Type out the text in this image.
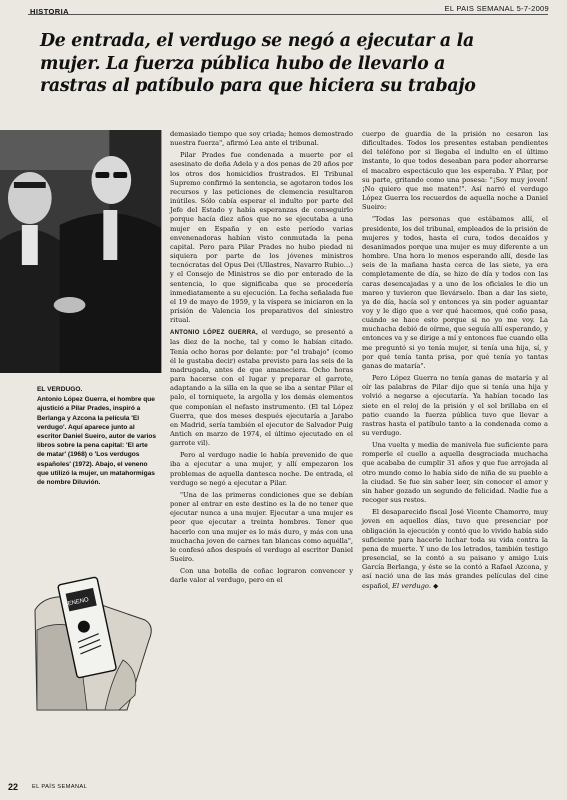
HISTORIA	EL PAIS SEMANAL 5-7-2009
De entrada, el verdugo se negó a ejecutar a la
mujer. La fuerza pública hubo de llevarlo a
rastras al patíbulo para que hiciera su trabajo
EL VERDUGO.
Antonio López Guerra, el hombre que ajustició a Pilar Prades, inspiró a Berlanga y Azcona la película 'El verdugo'. Aquí aparece junto al escritor Daniel Sueiro, autor de varios libros sobre la pena capital: 'El arte de matar' (1968) o 'Los verdugos españoles' (1972). Abajo, el veneno que utilizó la mujer, un matahormigas de nombre Diluvión.
VENENO

demasiado tiempo que soy criada; hemos demostrado nuestra fuerza", afirmó Lea ante el tribunal.

Pilar Prades fue condenada a muerte por el asesinato de doña Adela y a dos penas de 20 años por los otros dos homicidios frustrados. El Tribunal Supremo confirmó la sentencia, se agotaron todos los recursos y las peticiones de clemencia resultaron inútiles. Sólo cabía esperar el indulto por parte del Jefe del Estado y había esperanzas de conseguirlo porque hacía diez años que no se ejecutaba a una mujer en España y en este período varias envenenadoras habían visto conmutada la pena capital. Pero para Pilar Prades no hubo piedad ni siquiera por parte de los jóvenes ministros tecnócratas del Opus Dei (Ullastres, Navarro Rubio…) y el Consejo de Ministros se dio por enterado de la sentencia, lo que significaba que se procedería inmediatamente a su ejecución. La fecha señalada fue el 19 de mayo de 1959, y la víspera se iniciaron en la prisión de Valencia los preparativos del siniestro ritual.

ANTONIO LÓPEZ GUERRA, el verdugo, se presentó a las diez de la noche, tal y como le habían citado. Tenía ocho horas por delante: por "el trabajo" (como él le gustaba decir) estaba previsto para las seis de la madrugada, antes de que amaneciera. Ocho horas para hacerse con el lugar y preparar el garrote, adaptando a la silla en la que se iba a sentar Pilar el palo, el torniquete, la argolla y los demás elementos que componían el nefasto instrumento. (El tal López Guerra, que dos meses después ejecutaría a Jarabo en Madrid, sería también el ejecutor de Salvador Puig Antich en marzo de 1974, el último ejecutado en el garrote vil).

Pero al verdugo nadie le había prevenido de que iba a ejecutar a una mujer, y allí empezaron los problemas de aquella dantesca noche. De entrada, el verdugo se negó a ejecutar a Pilar.

"Una de las primeras condiciones que se debían poner al entrar en este destino es la de no tener que ejecutar nunca a una mujer. Ejecutar a una mujer es peor que ejecutar a treinta hombres. Tener que hacerlo con una mujer es lo más duro, y más con una muchacha joven de carnes tan blancas como aquélla", le confesó años después el verdugo al escritor Daniel Sueiro.

Con una botella de coñac lograron convencer y darle valor al verdugo, pero en el

cuerpo de guardia de la prisión no cesaron las dificultades. Todos los presentes estaban pendientes del teléfono por si llegaba el indulto en el último instante, lo que todos deseaban para poder ahorrarse el macabro espectáculo que les esperaba. Y Pilar, por su parte, gritando como una posesa: "¡Soy muy joven! ¡No quiero que me maten!". Así narró el verdugo López Guerra los recuerdos de aquella noche a Daniel Sueiro:

"Todas las personas que estábamos allí, el presidente, los del tribunal, empleados de la prisión de mujeres y todos, hasta el cura, todos decaídos y desanimados porque una mujer es muy diferente a un hombre. Una hora lo menos esperando allí, desde las seis de la mañana hasta cerca de las siete, ya era completamente de día, se hizo de día y todos con las caras desencajadas y a uno de los oficiales le dio un mareo y tuvieron que llevárselo. Iban a dar las siete, ya de día, hacía sol y entonces ya sin poder aguantar voy y le digo que a ver qué hacemos, qué coño pasa, cuándo se hace esto porque si no yo me voy. La muchacha debió de oírme, que seguía allí esperando, y entonces va y se dirige a mí y entonces fue cuando ella me preguntó si yo tenía mujer, si tenía una hija, sí, y por qué tenía tanta prisa, por qué tenía yo tantas ganas de mataría".

Pero López Guerra no tenía ganas de mataría y al oír las palabras de Pilar dijo que si tenía una hija y volvió a negarse a ejecutaría. Ya habían tocado las siete en el reloj de la prisión y el sol brillaba en el patio cuando la fuerza pública tuvo que llevar a rastras hasta el patíbulo tanto a la condenada como a su verdugo.

Una vuelta y media de manivela fue suficiente para romperle el cuello a aquella desgraciada muchacha que acababa de cumplir 31 años y que fue arrojada al otro mundo como lo había sido de niña de su pueblo a la ciudad. Se fue sin saber leer, sin conocer el amor y sin haber gozado un segundo de felicidad. Nadie fue a recoger sus restos.

El desaparecido fiscal José Vicente Chamorro, muy joven en aquellos días, tuvo que presenciar por obligación la ejecución y contó que lo vivido había sido suficiente para hacerle luchar toda su vida contra la pena de muerte. Y uno de los letrados, también testigo presencial, se la contó a su paisano y amigo Luis García Berlanga, y éste se la contó a Rafael Azcona, y así nació una de las más grandes películas del cine español, El verdugo. ◆

22 EL PAÍS SEMANAL
